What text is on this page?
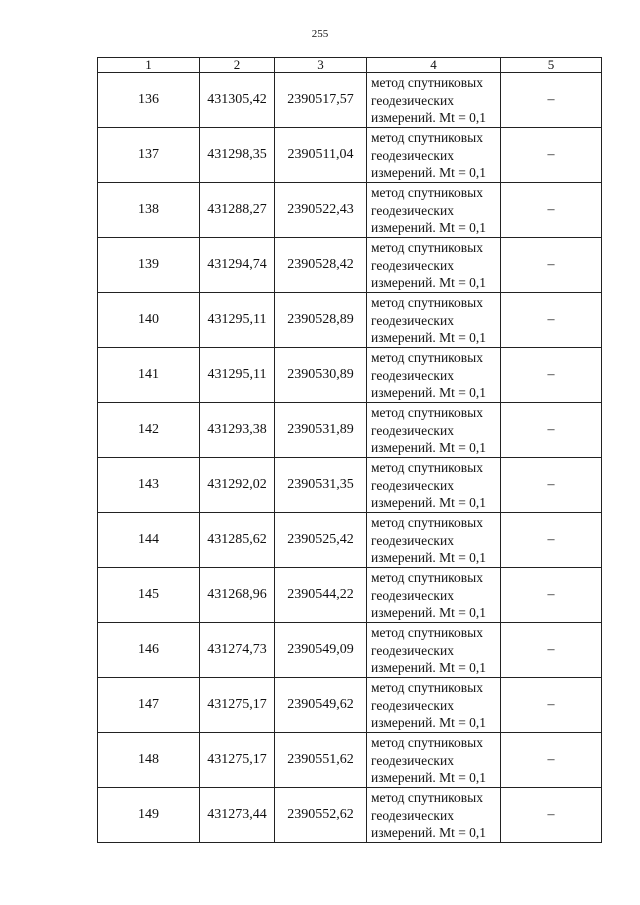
255
1	2	3	4	5
136	431305,42	2390517,57	метод спутниковых
геодезических
измерений. Mt = 0,1	–
137	431298,35	2390511,04	метод спутниковых
геодезических
измерений. Mt = 0,1	–
138	431288,27	2390522,43	метод спутниковых
геодезических
измерений. Mt = 0,1	–
139	431294,74	2390528,42	метод спутниковых
геодезических
измерений. Mt = 0,1	–
140	431295,11	2390528,89	метод спутниковых
геодезических
измерений. Mt = 0,1	–
141	431295,11	2390530,89	метод спутниковых
геодезических
измерений. Mt = 0,1	–
142	431293,38	2390531,89	метод спутниковых
геодезических
измерений. Mt = 0,1	–
143	431292,02	2390531,35	метод спутниковых
геодезических
измерений. Mt = 0,1	–
144	431285,62	2390525,42	метод спутниковых
геодезических
измерений. Mt = 0,1	–
145	431268,96	2390544,22	метод спутниковых
геодезических
измерений. Mt = 0,1	–
146	431274,73	2390549,09	метод спутниковых
геодезических
измерений. Mt = 0,1	–
147	431275,17	2390549,62	метод спутниковых
геодезических
измерений. Mt = 0,1	–
148	431275,17	2390551,62	метод спутниковых
геодезических
измерений. Mt = 0,1	–
149	431273,44	2390552,62	метод спутниковых
геодезических
измерений. Mt = 0,1	–
